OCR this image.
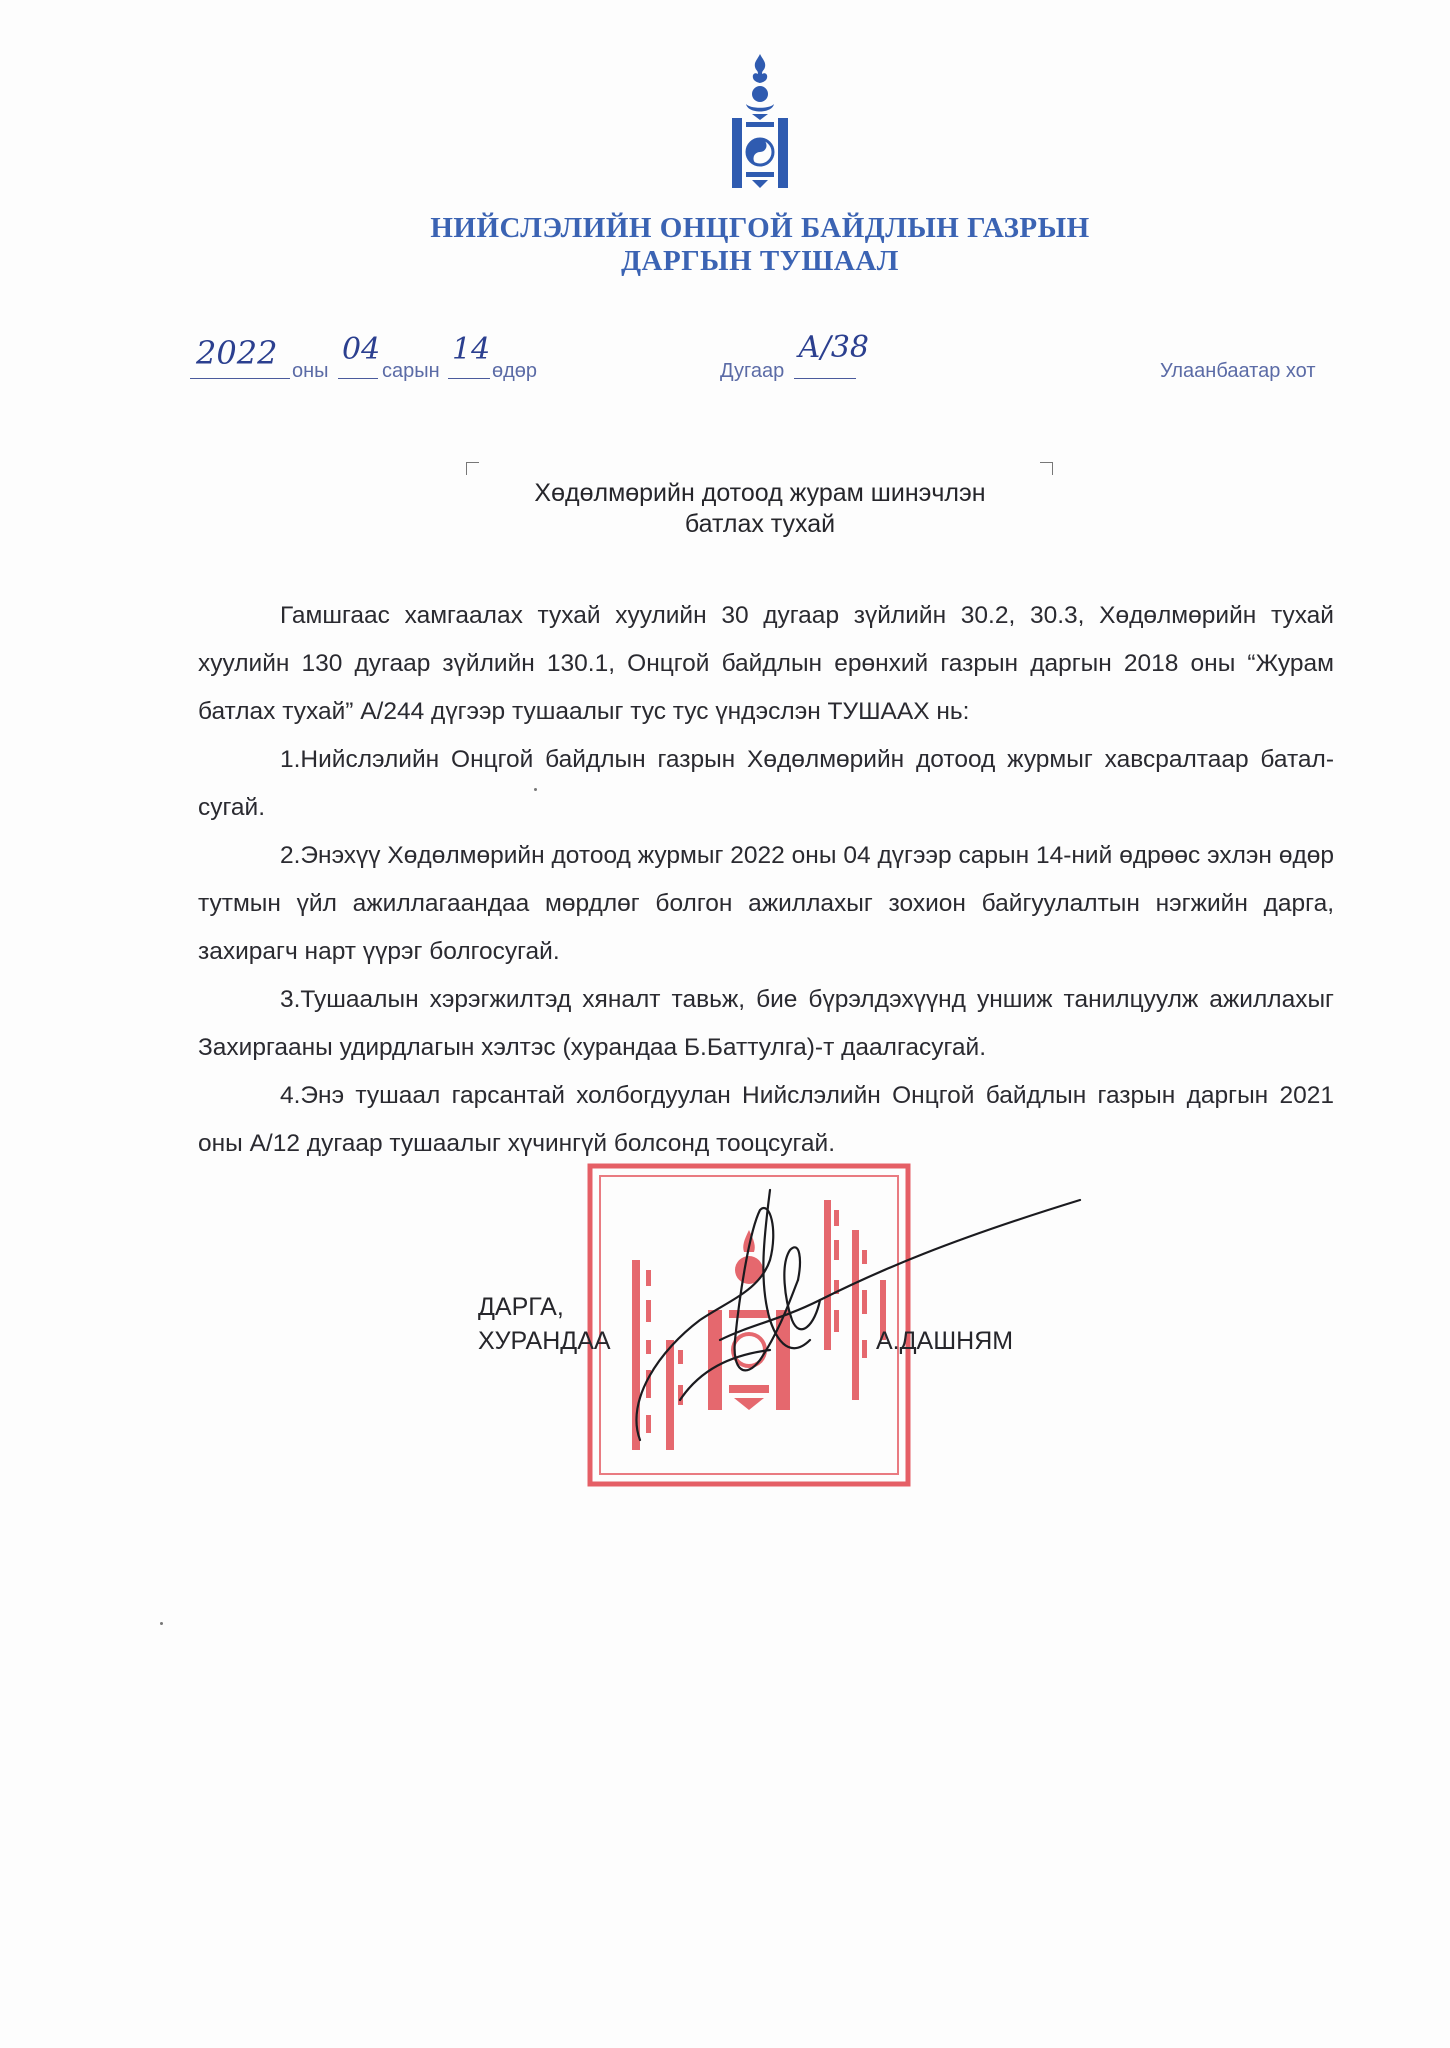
НИЙСЛЭЛИЙН ОНЦГОЙ БАЙДЛЫН ГАЗРЫН
ДАРГЫН ТУШААЛ
2022 оны
04
сарын
14
өдөр	Дугаар
А/38
Улаанбаатар хот
Хөдөлмөрийн дотоод журам шинэчлэн
батлах тухай

Гамшгаас хамгаалах тухай хуулийн 30 дугаар зүйлийн 30.2, 30.3, Хөдөлмөрийн тухай хуулийн 130 дугаар зүйлийн 130.1, Онцгой байдлын ерөнхий газрын даргын 2018 оны “Журам батлах тухай” А/244 дүгээр тушаалыг тус тус үндэслэн ТУШААХ нь:

1.Нийслэлийн Онцгой байдлын газрын Хөдөлмөрийн дотоод журмыг хавсралтаар баталсугай.

2.Энэхүү Хөдөлмөрийн дотоод журмыг 2022 оны 04 дүгээр сарын 14-ний өдрөөс эхлэн өдөр тутмын үйл ажиллагаандаа мөрдлөг болгон ажиллахыг зохион байгуулалтын нэгжийн дарга, захирагч нарт үүрэг болгосугай.

3.Тушаалын хэрэгжилтэд хяналт тавьж, бие бүрэлдэхүүнд уншиж танилцуулж ажиллахыг Захиргааны удирдлагын хэлтэс (хурандаа Б.Баттулга)-т даалгасугай.

4.Энэ тушаал гарсантай холбогдуулан Нийслэлийн Онцгой байдлын газрын даргын 2021 оны А/12 дугаар тушаалыг хүчингүй болсонд тооцсугай.

ДАРГА,
ХУРАНДАА	А.ДАШНЯМ
